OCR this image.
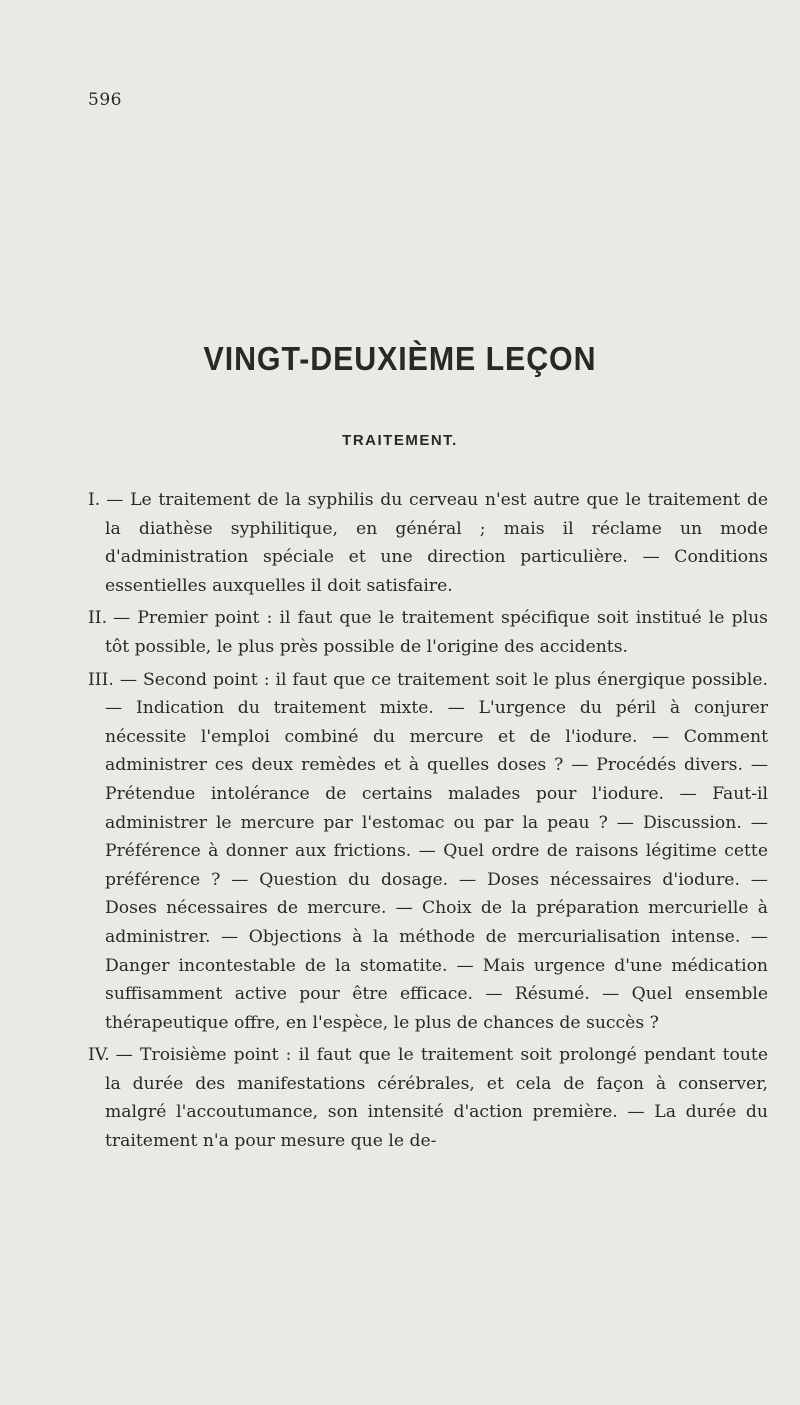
596
VINGT-DEUXIÈME LEÇON
TRAITEMENT.

I. — Le traitement de la syphilis du cerveau n'est autre que le traitement de la diathèse syphilitique, en général ; mais il réclame un mode d'administration spéciale et une direction particulière. — Conditions essentielles auxquelles il doit satisfaire.

II. — Premier point : il faut que le traitement spécifique soit institué le plus tôt possible, le plus près possible de l'origine des accidents.

III. — Second point : il faut que ce traitement soit le plus énergique possible. — Indication du traitement mixte. — L'urgence du péril à conjurer nécessite l'emploi combiné du mercure et de l'iodure. — Comment administrer ces deux remèdes et à quelles doses ? — Procédés divers. — Prétendue intolérance de certains malades pour l'iodure. — Faut-il administrer le mercure par l'estomac ou par la peau ? — Discussion. — Préférence à donner aux frictions. — Quel ordre de raisons légitime cette préférence ? — Question du dosage. — Doses nécessaires d'iodure. — Doses nécessaires de mercure. — Choix de la préparation mercurielle à administrer. — Objections à la méthode de mercurialisation intense. — Danger incontestable de la stomatite. — Mais urgence d'une médication suffisamment active pour être efficace. — Résumé. — Quel ensemble thérapeutique offre, en l'espèce, le plus de chances de succès ?

IV. — Troisième point : il faut que le traitement soit prolongé pendant toute la durée des manifestations cérébrales, et cela de façon à conserver, malgré l'accoutumance, son intensité d'action première. — La durée du traitement n'a pour mesure que le de-
